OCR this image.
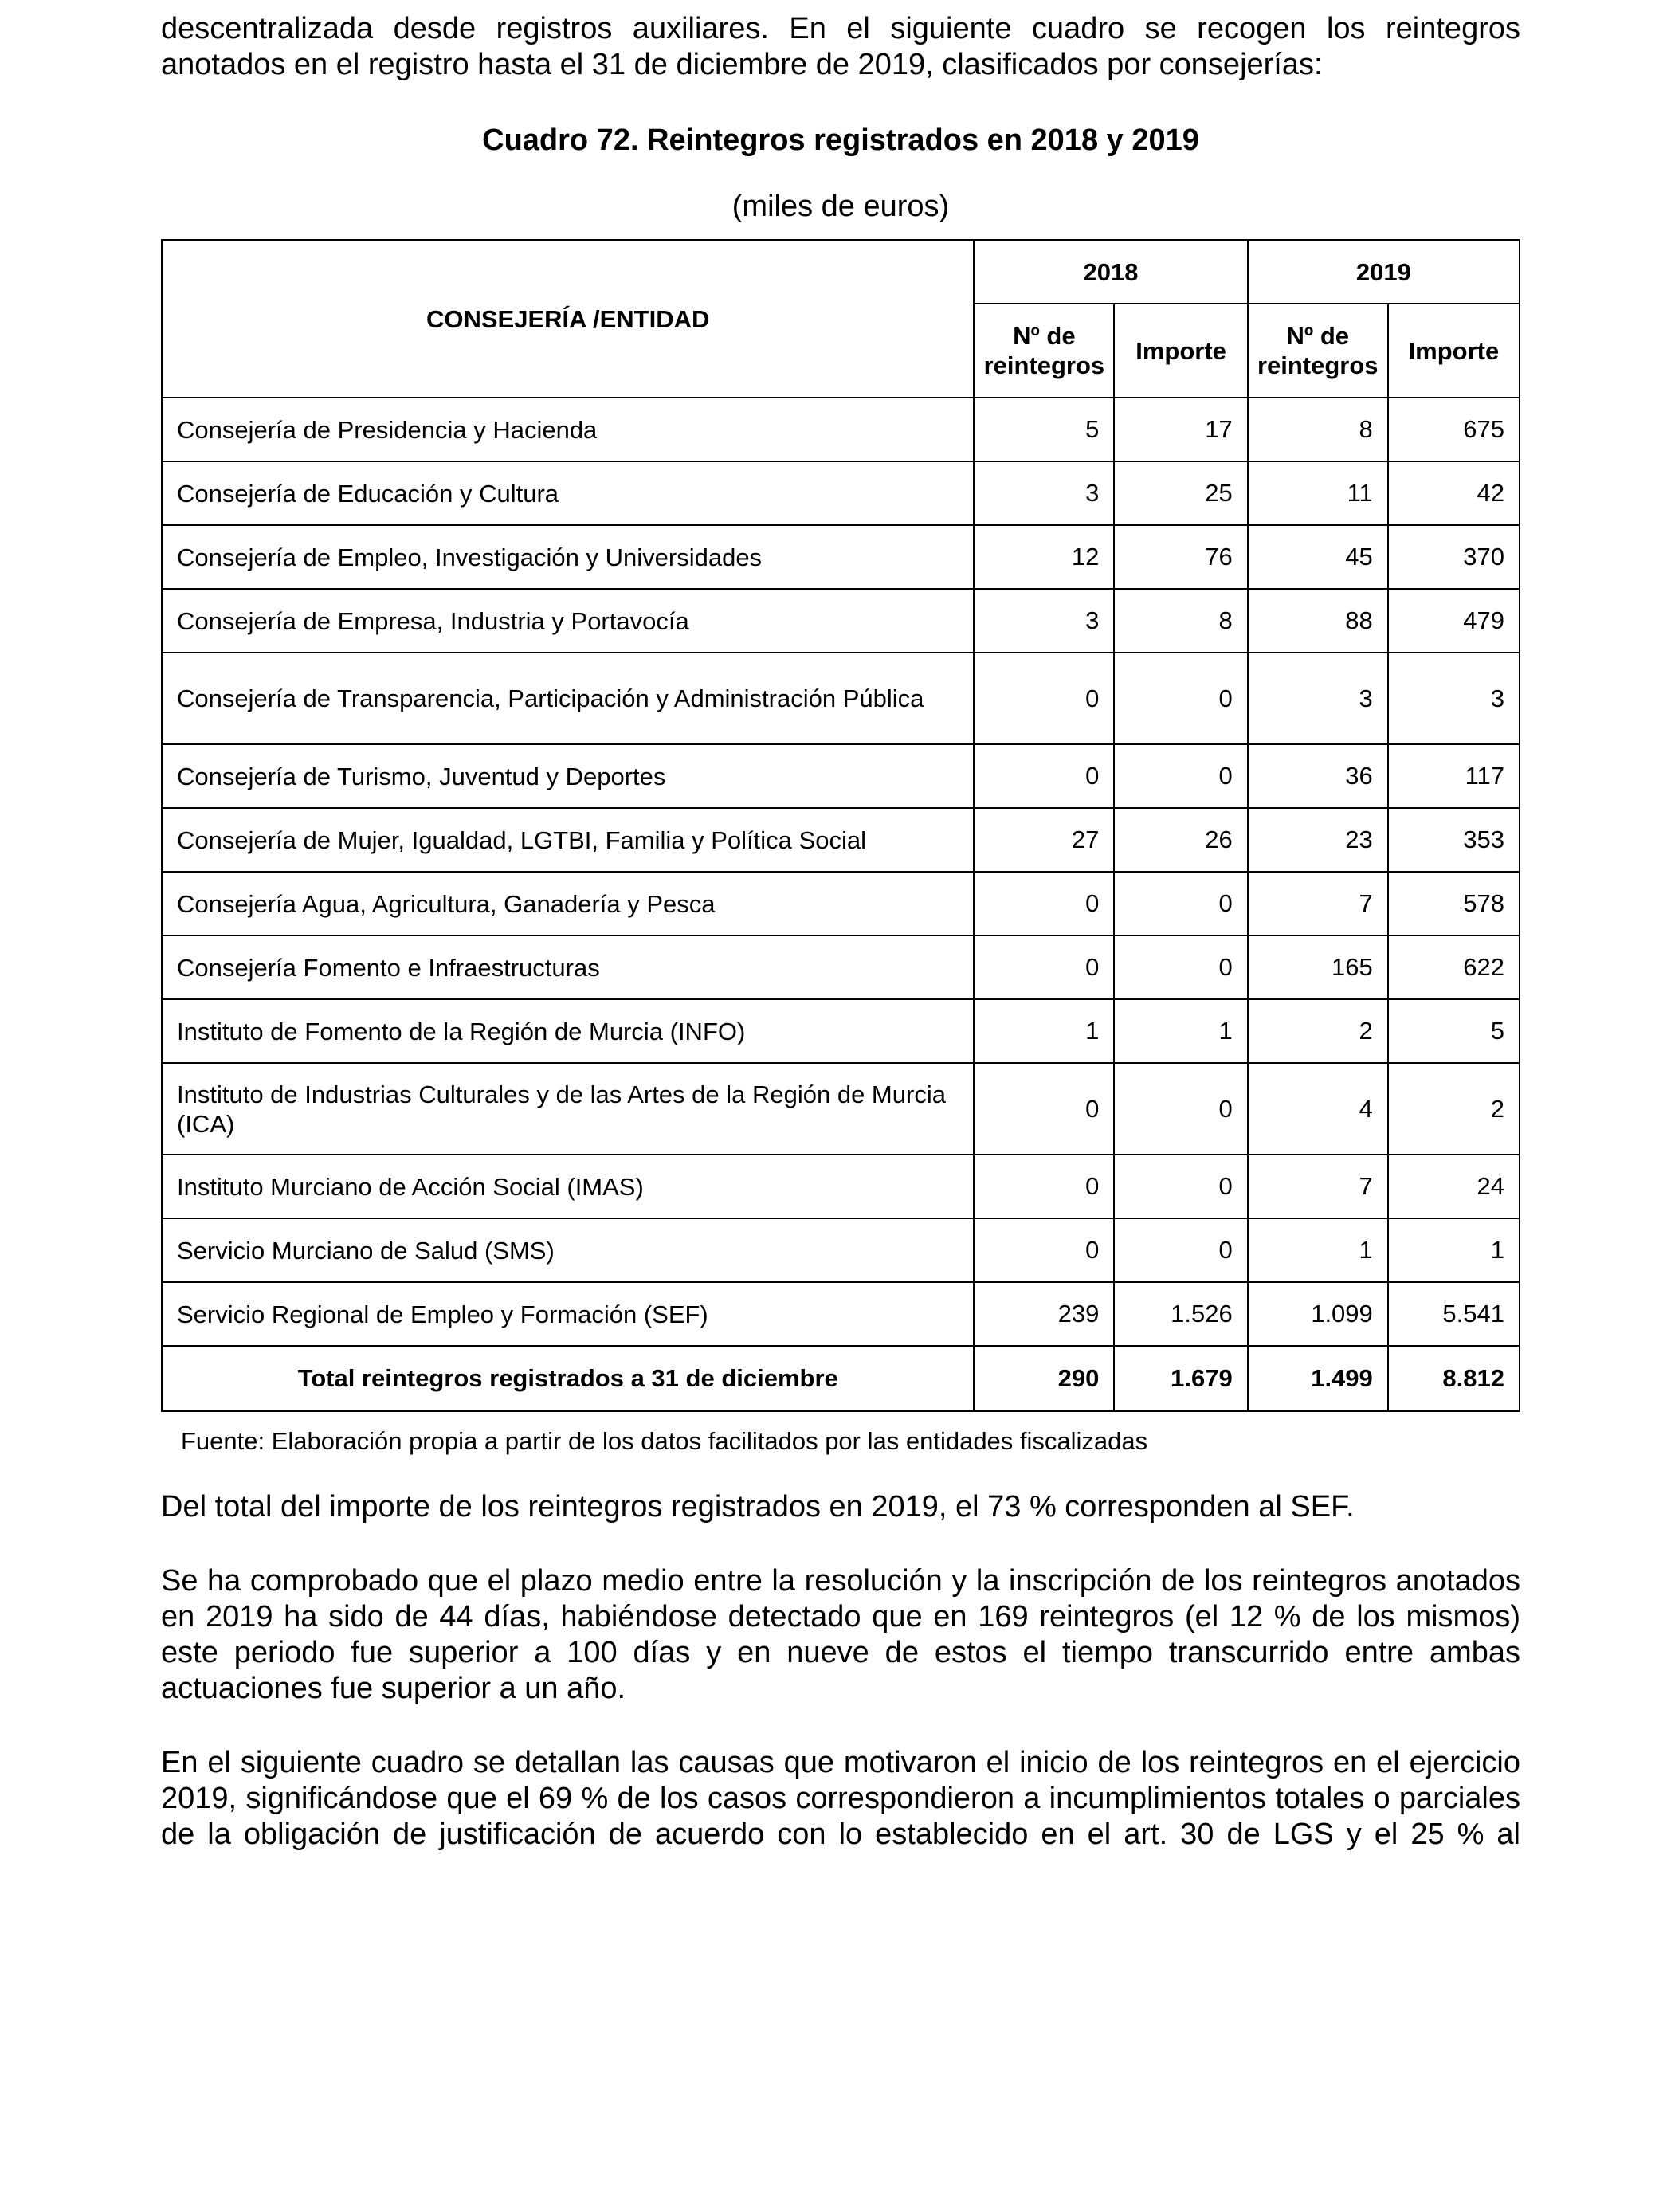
descentralizada desde registros auxiliares. En el siguiente cuadro se recogen los reintegros

anotados en el registro hasta el 31 de diciembre de 2019, clasificados por consejerías:

Cuadro 72. Reintegros registrados en 2018 y 2019
(miles de euros)
CONSEJERÍA /ENTIDAD	2018		2019	
	Nº de reintegros	Importe	Nº de reintegros	Importe
Consejería de Presidencia y Hacienda	5	17	8	675
Consejería de Educación y Cultura	3	25	11	42
Consejería de Empleo, Investigación y Universidades	12	76	45	370
Consejería de Empresa, Industria y Portavocía	3	8	88	479
Consejería de Transparencia, Participación y Administración Pública	0	0	3	3
Consejería de Turismo, Juventud y Deportes	0	0	36	117
Consejería de Mujer, Igualdad, LGTBI, Familia y Política Social	27	26	23	353
Consejería Agua, Agricultura, Ganadería y Pesca	0	0	7	578
Consejería Fomento e Infraestructuras	0	0	165	622
Instituto de Fomento de la Región de Murcia (INFO)	1	1	2	5
Instituto de Industrias Culturales y de las Artes de la Región de Murcia (ICA)	0	0	4	2
Instituto Murciano de Acción Social (IMAS)	0	0	7	24
Servicio Murciano de Salud (SMS)	0	0	1	1
Servicio Regional de Empleo y Formación (SEF)	239	1.526	1.099	5.541
Total reintegros registrados a 31 de diciembre	290	1.679	1.499	8.812
Fuente: Elaboración propia a partir de los datos facilitados por las entidades fiscalizadas

Del total del importe de los reintegros registrados en 2019, el 73 % corresponden al SEF.

Se ha comprobado que el plazo medio entre la resolución y la inscripción de los reintegros anotados en 2019 ha sido de 44 días, habiéndose detectado que en 169 reintegros (el 12 % de los mismos) este periodo fue superior a 100 días y en nueve de estos el tiempo transcurrido entre ambas actuaciones fue superior a un año.

En el siguiente cuadro se detallan las causas que motivaron el inicio de los reintegros en el ejercicio 2019, significándose que el 69 % de los casos correspondieron a incumplimientos totales o parciales de la obligación de justificación de acuerdo con lo establecido en el art. 30 de LGS y el 25 % al
